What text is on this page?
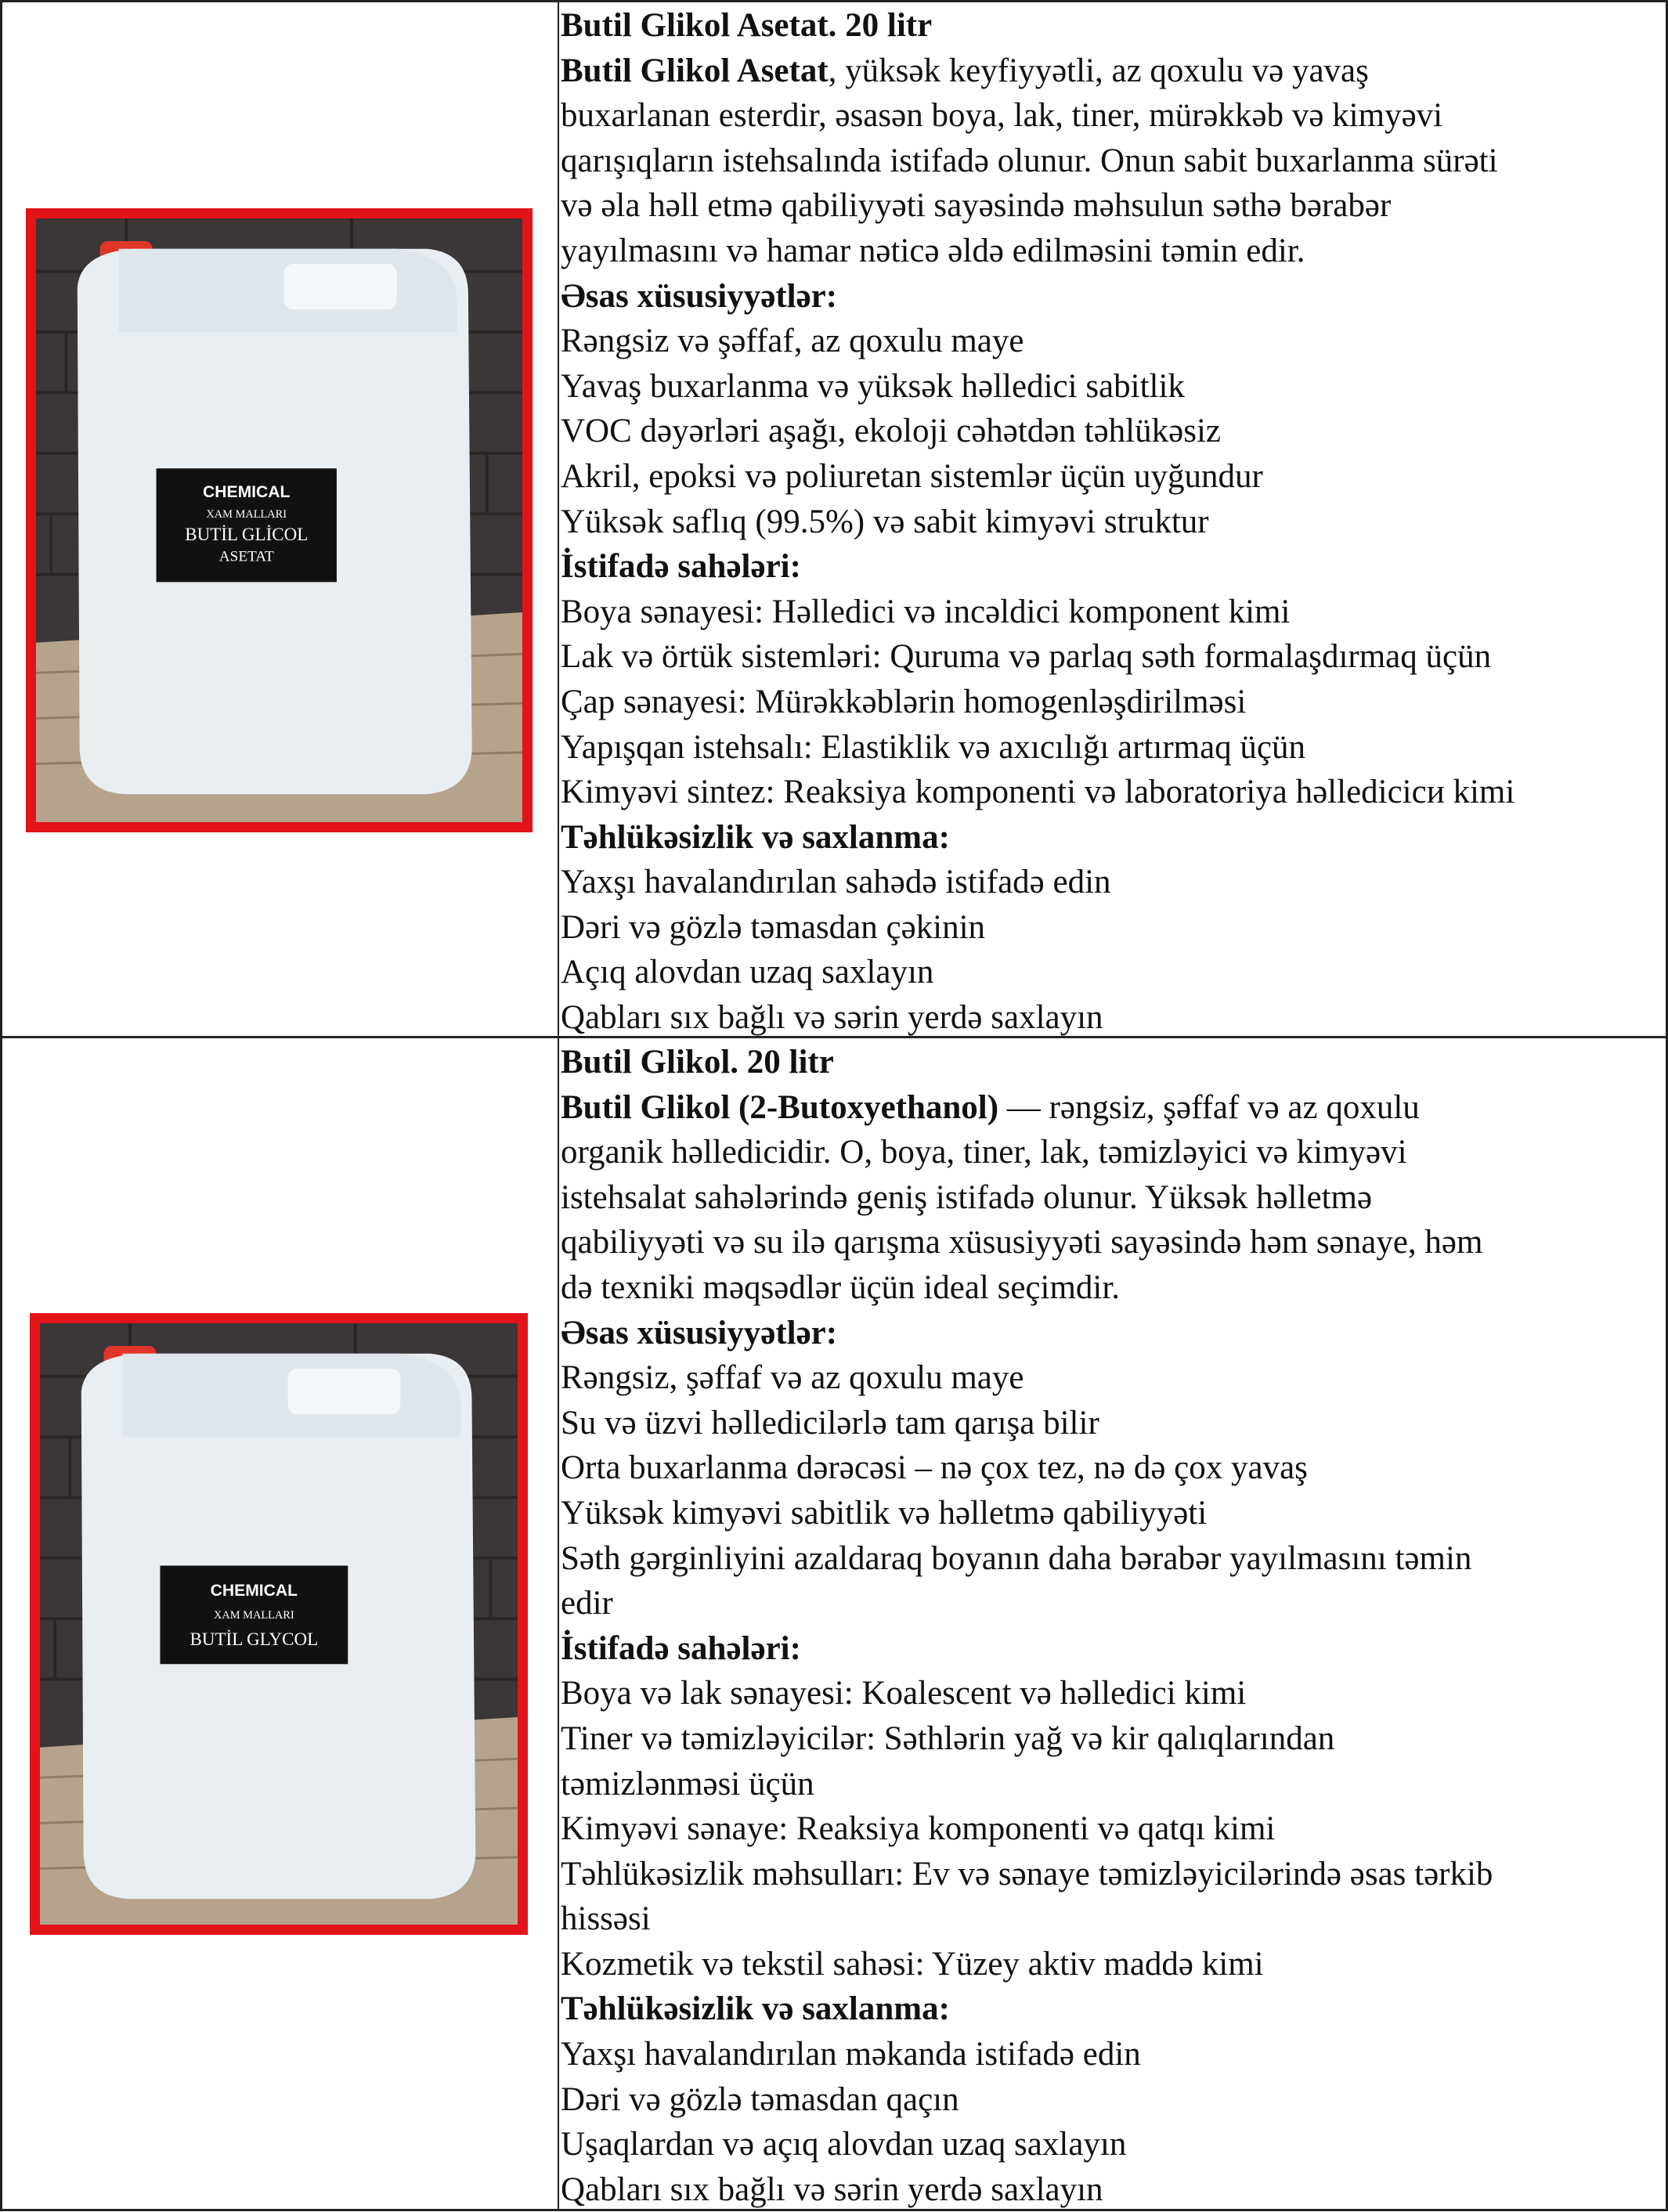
CHEMICAL
XAM MALLARI
BUTİL GLİCOL
ASETAT
Butil Glikol Asetat. 20 litr
Butil Glikol Asetat, yüksək keyfiyyətli, az qoxulu və yavaş
buxarlanan esterdir, əsasən boya, lak, tiner, mürəkkəb və kimyəvi
qarışıqların istehsalında istifadə olunur. Onun sabit buxarlanma sürəti
və əla həll etmə qabiliyyəti sayəsində məhsulun səthə bərabər
yayılmasını və hamar nəticə əldə edilməsini təmin edir.
Əsas xüsusiyyətlər:
Rəngsiz və şəffaf, az qoxulu maye
Yavaş buxarlanma və yüksək həlledici sabitlik
VOC dəyərləri aşağı, ekoloji cəhətdən təhlükəsiz
Akril, epoksi və poliuretan sistemlər üçün uyğundur
Yüksək saflıq (99.5%) və sabit kimyəvi struktur
İstifadə sahələri:
Boya sənayesi: Həlledici və incəldici komponent kimi
Lak və örtük sistemləri: Quruma və parlaq səth formalaşdırmaq üçün
Çap sənayesi: Mürəkkəblərin homogenləşdirilməsi
Yapışqan istehsalı: Elastiklik və axıcılığı artırmaq üçün
Kimyəvi sintez: Reaksiya komponenti və laboratoriya həllediciси kimi
Təhlükəsizlik və saxlanma:
Yaxşı havalandırılan sahədə istifadə edin
Dəri və gözlə təmasdan çəkinin
Açıq alovdan uzaq saxlayın
Qabları sıx bağlı və sərin yerdə saxlayın
CHEMICAL
XAM MALLARI
BUTİL GLYCOL
Butil Glikol. 20 litr
Butil Glikol (2-Butoxyethanol) — rəngsiz, şəffaf və az qoxulu
organik həlledicidir. O, boya, tiner, lak, təmizləyici və kimyəvi
istehsalat sahələrində geniş istifadə olunur. Yüksək həlletmə
qabiliyyəti və su ilə qarışma xüsusiyyəti sayəsində həm sənaye, həm
də texniki məqsədlər üçün ideal seçimdir.
Əsas xüsusiyyətlər:
Rəngsiz, şəffaf və az qoxulu maye
Su və üzvi həlledicilərlə tam qarışa bilir
Orta buxarlanma dərəcəsi – nə çox tez, nə də çox yavaş
Yüksək kimyəvi sabitlik və həlletmə qabiliyyəti
Səth gərginliyini azaldaraq boyanın daha bərabər yayılmasını təmin
edir
İstifadə sahələri:
Boya və lak sənayesi: Koalescent və həlledici kimi
Tiner və təmizləyicilər: Səthlərin yağ və kir qalıqlarından
təmizlənməsi üçün
Kimyəvi sənaye: Reaksiya komponenti və qatqı kimi
Təhlükəsizlik məhsulları: Ev və sənaye təmizləyicilərində əsas tərkib
hissəsi
Kozmetik və tekstil sahəsi: Yüzey aktiv maddə kimi
Təhlükəsizlik və saxlanma:
Yaxşı havalandırılan məkanda istifadə edin
Dəri və gözlə təmasdan qaçın
Uşaqlardan və açıq alovdan uzaq saxlayın
Qabları sıx bağlı və sərin yerdə saxlayın
